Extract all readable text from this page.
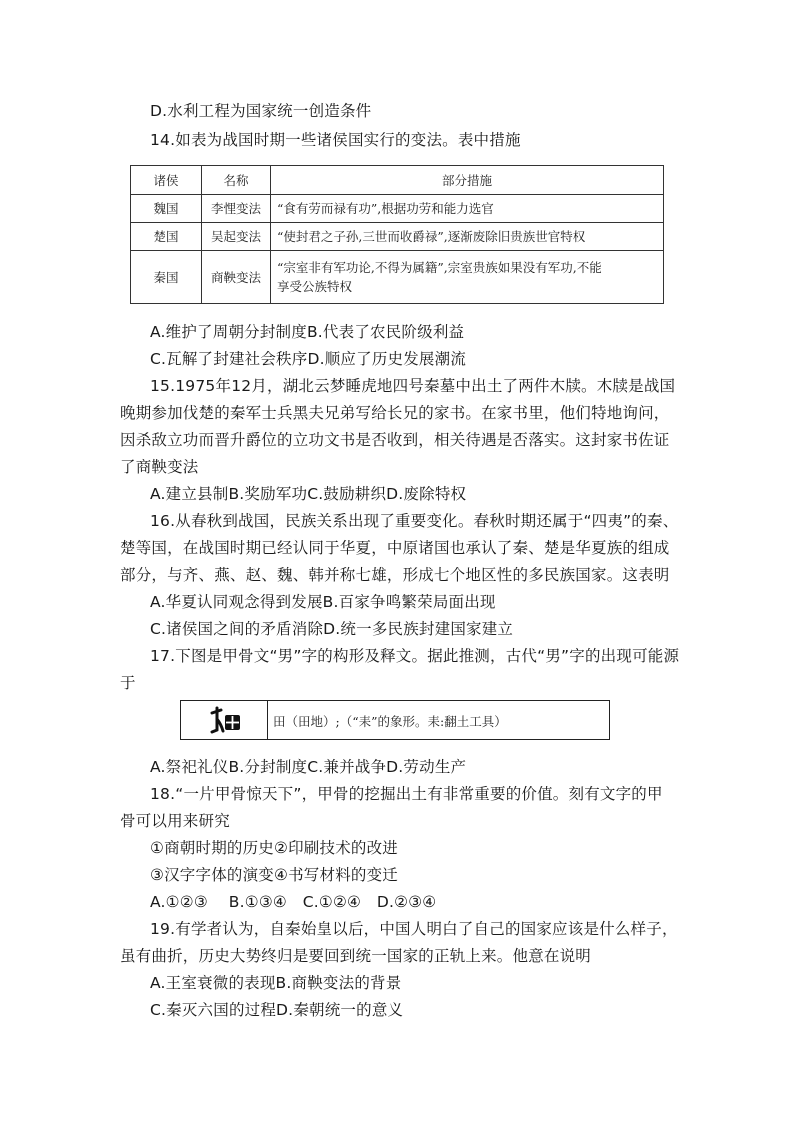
D.水利工程为国家统一创造条件
14.如表为战国时期一些诸侯国实行的变法。表中措施
诸侯	名称	部分措施
魏国	李悝变法	“食有劳而禄有功”,根据功劳和能力选官
楚国	吴起变法	“使封君之子孙,三世而收爵禄”,逐渐废除旧贵族世官特权
秦国	商鞅变法	“宗室非有军功论,不得为属籍”,宗室贵族如果没有军功,不能
享受公族特权
A.维护了周朝分封制度B.代表了农民阶级利益
C.瓦解了封建社会秩序D.顺应了历史发展潮流
15.1975年12月，湖北云梦睡虎地四号秦墓中出土了两件木牍。木牍是战国
晚期参加伐楚的秦军士兵黑夫兄弟写给长兄的家书。在家书里，他们特地询问，
因杀敌立功而晋升爵位的立功文书是否收到，相关待遇是否落实。这封家书佐证
了商鞅变法
A.建立县制B.奖励军功C.鼓励耕织D.废除特权
16.从春秋到战国，民族关系出现了重要变化。春秋时期还属于“四夷”的秦、
楚等国，在战国时期已经认同于华夏，中原诸国也承认了秦、楚是华夏族的组成
部分，与齐、燕、赵、魏、韩并称七雄，形成七个地区性的多民族国家。这表明
A.华夏认同观念得到发展B.百家争鸣繁荣局面出现
C.诸侯国之间的矛盾消除D.统一多民族封建国家建立
17.下图是甲骨文“男”字的构形及释文。据此推测，古代“男”字的出现可能源
于
田（田地）;（“耒”的象形。耒:翻土工具）
A.祭祀礼仪B.分封制度C.兼并战争D.劳动生产
18.“一片甲骨惊天下”，甲骨的挖掘出土有非常重要的价值。刻有文字的甲
骨可以用来研究
①商朝时期的历史②印刷技术的改进
③汉字字体的演变④书写材料的变迁
A.①②③　 B.①③④　C.①②④　D.②③④
19.有学者认为，自秦始皇以后，中国人明白了自己的国家应该是什么样子，
虽有曲折，历史大势终归是要回到统一国家的正轨上来。他意在说明
A.王室衰微的表现B.商鞅变法的背景
C.秦灭六国的过程D.秦朝统一的意义
